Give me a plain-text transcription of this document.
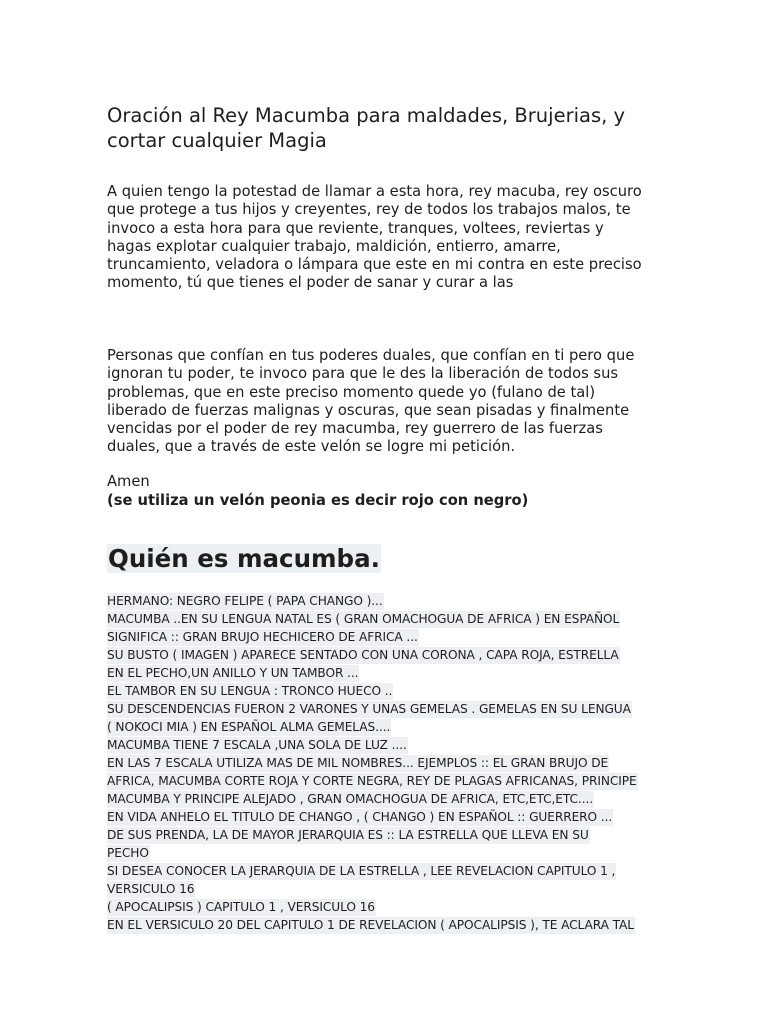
Oración al Rey Macumba para maldades, Brujerias, y
cortar cualquier Magia

A quien tengo la potestad de llamar a esta hora, rey macuba, rey oscuro
que protege a tus hijos y creyentes, rey de todos los trabajos malos, te
invoco a esta hora para que reviente, tranques, voltees, reviertas y
hagas explotar cualquier trabajo, maldición, entierro, amarre,
truncamiento, veladora o lámpara que este en mi contra en este preciso
momento, tú que tienes el poder de sanar y curar a las

Personas que confían en tus poderes duales, que confían en ti pero que
ignoran tu poder, te invoco para que le des la liberación de todos sus
problemas, que en este preciso momento quede yo (fulano de tal)
liberado de fuerzas malignas y oscuras, que sean pisadas y finalmente
vencidas por el poder de rey macumba, rey guerrero de las fuerzas
duales, que a través de este velón se logre mi petición.

Amen

(se utiliza un velón peonia es decir rojo con negro)

Quién es macumba.
HERMANO: NEGRO FELIPE ( PAPA CHANGO )...
MACUMBA ..EN SU LENGUA NATAL ES ( GRAN OMACHOGUA DE AFRICA ) EN ESPAÑOL
SIGNIFICA :: GRAN BRUJO HECHICERO DE AFRICA ...
SU BUSTO ( IMAGEN ) APARECE SENTADO CON UNA CORONA , CAPA ROJA, ESTRELLA
EN EL PECHO,UN ANILLO Y UN TAMBOR ...
EL TAMBOR EN SU LENGUA : TRONCO HUECO ..
SU DESCENDENCIAS FUERON 2 VARONES Y UNAS GEMELAS . GEMELAS EN SU LENGUA
( NOKOCI MIA ) EN ESPAÑOL ALMA GEMELAS....
MACUMBA TIENE 7 ESCALA ,UNA SOLA DE LUZ ....
EN LAS 7 ESCALA UTILIZA MAS DE MIL NOMBRES... EJEMPLOS :: EL GRAN BRUJO DE
AFRICA, MACUMBA CORTE ROJA Y CORTE NEGRA, REY DE PLAGAS AFRICANAS, PRINCIPE
MACUMBA Y PRINCIPE ALEJADO , GRAN OMACHOGUA DE AFRICA, ETC,ETC,ETC....
EN VIDA ANHELO EL TITULO DE CHANGO , ( CHANGO ) EN ESPAÑOL :: GUERRERO ...
DE SUS PRENDA, LA DE MAYOR JERARQUIA ES :: LA ESTRELLA QUE LLEVA EN SU
PECHO
SI DESEA CONOCER LA JERARQUIA DE LA ESTRELLA , LEE REVELACION CAPITULO 1 ,
VERSICULO 16
( APOCALIPSIS ) CAPITULO 1 , VERSICULO 16
EN EL VERSICULO 20 DEL CAPITULO 1 DE REVELACION ( APOCALIPSIS ), TE ACLARA TAL
